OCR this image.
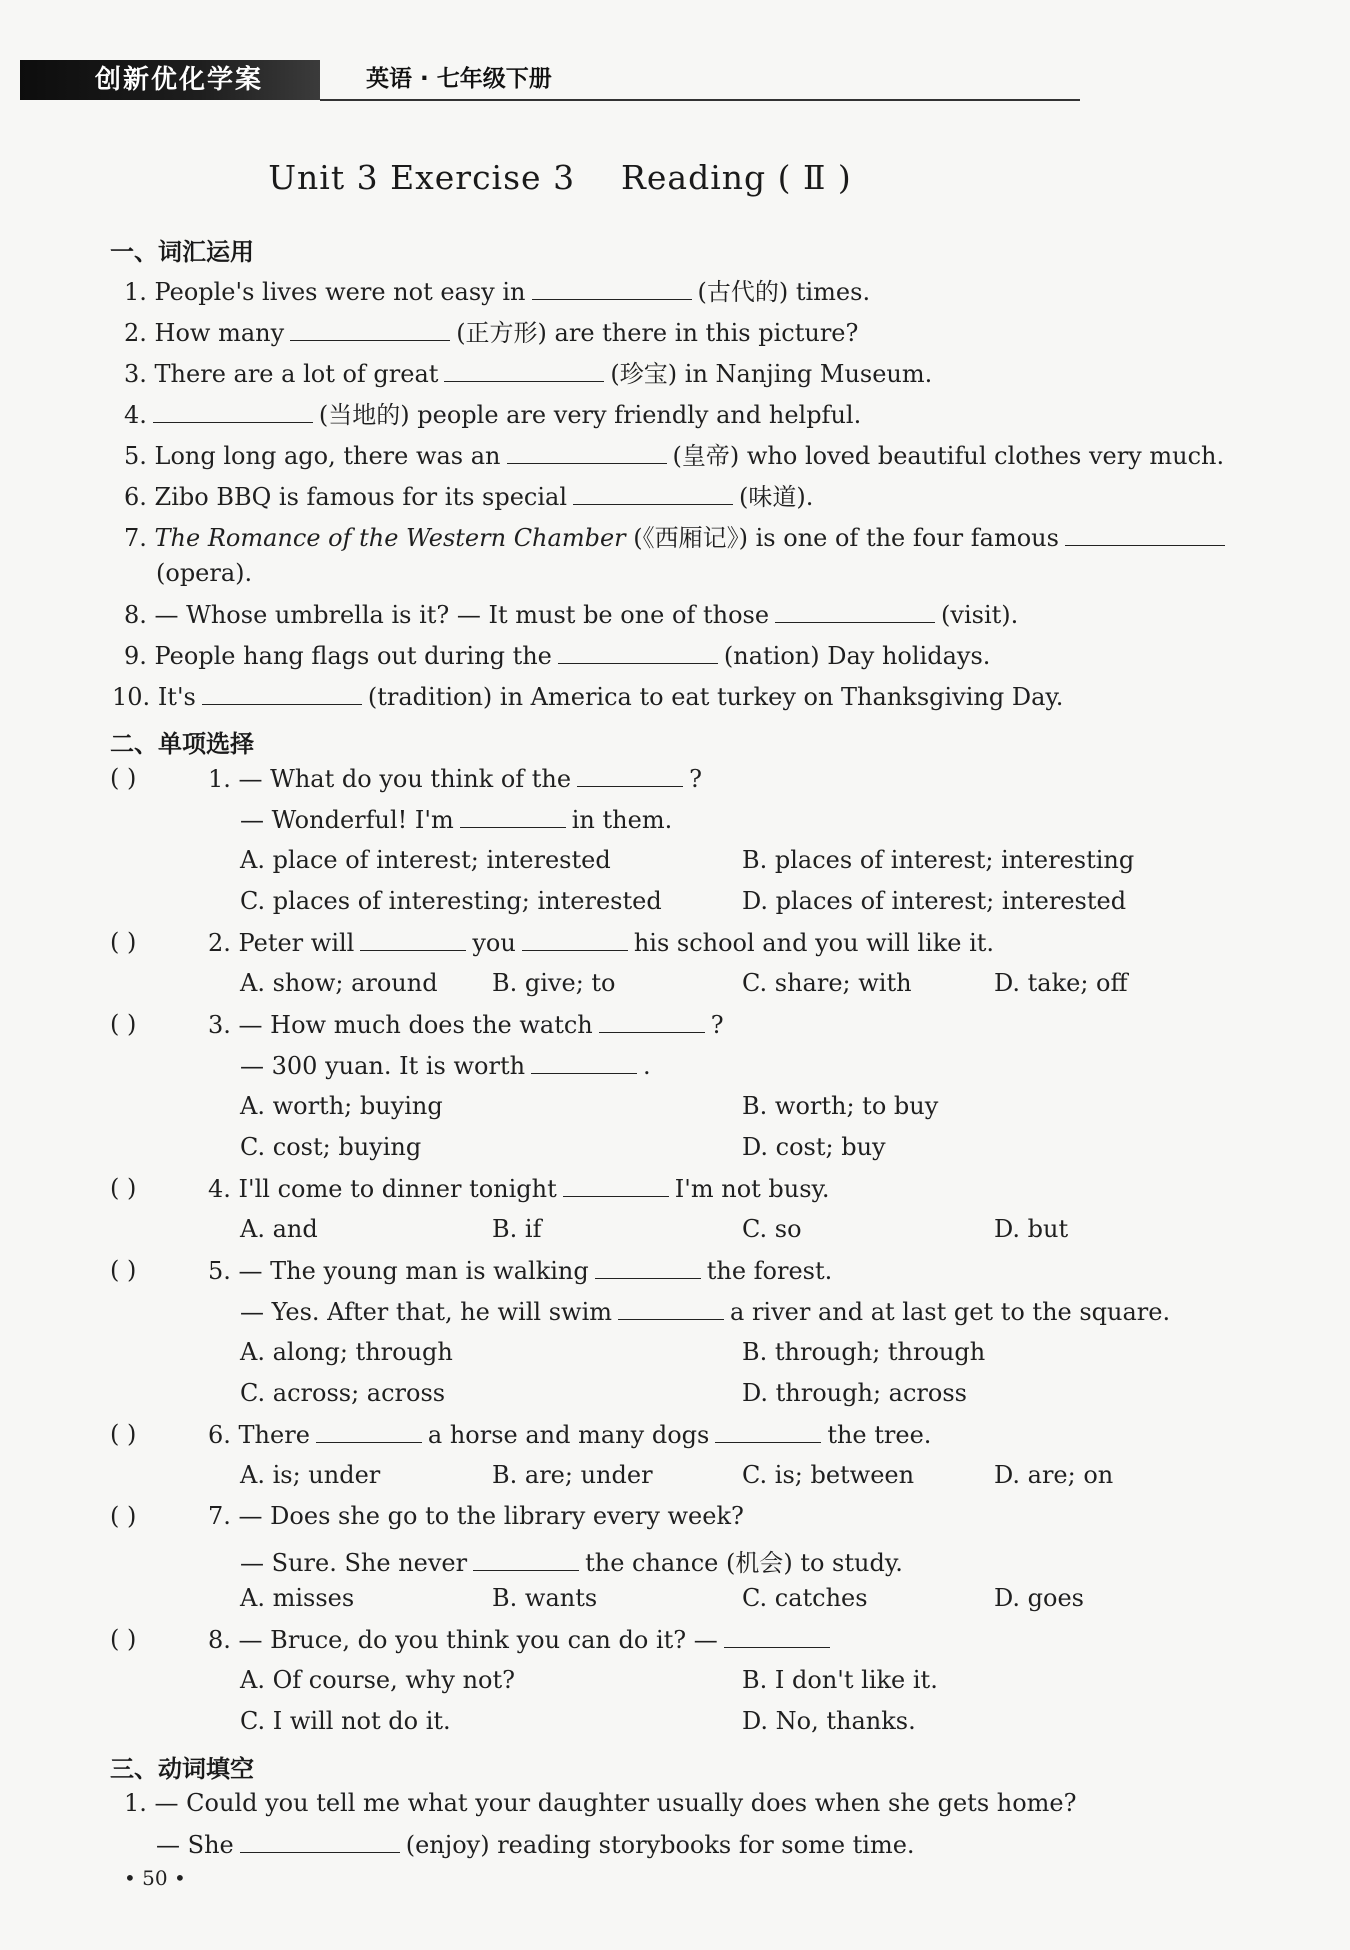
创新优化学案	英语 · 七年级下册
Unit 3 Exercise 3    Reading ( Ⅱ )
一、词汇运用
1. People's lives were not easy in	(古代的) times.
2. How many	(正方形) are there in this picture?
3. There are a lot of great	(珍宝) in Nanjing Museum.
4.	(当地的) people are very friendly and helpful.
5. Long long ago, there was an	(皇帝) who loved beautiful clothes very much.
6. Zibo BBQ is famous for its special	(味道).
7. The Romance of the Western Chamber (《西厢记》) is one of the four famous
(opera).
8. — Whose umbrella is it? — It must be one of those	(visit).
9. People hang flags out during the	(nation) Day holidays.
10. It's	(tradition) in America to eat turkey on Thanksgiving Day.
二、单项选择
( )	1. — What do you think of the	?
— Wonderful! I'm	in them.
A. place of interest; interested	B. places of interest; interesting
C. places of interesting; interested	D. places of interest; interested
( )	2. Peter will	you	his school and you will like it.
A. show; around B. give; to	C. share; with	D. take; off
( )	3. — How much does the watch	?
— 300 yuan. It is worth	.
A. worth; buying	B. worth; to buy
C. cost; buying	D. cost; buy
( )	4. I'll come to dinner tonight	I'm not busy.
A. and	B. if	C. so	D. but
( )	5. — The young man is walking	the forest.
— Yes. After that, he will swim	a river and at last get to the square.
A. along; through	B. through; through
C. across; across	D. through; across
( )	6. There	a horse and many dogs	the tree.
A. is; under	B. are; under	C. is; between	D. are; on
( )	7. — Does she go to the library every week?
— Sure. She never	the chance (机会) to study.
A. misses	B. wants	C. catches	D. goes
( )	8. — Bruce, do you think you can do it? —
A. Of course, why not?	B. I don't like it.
C. I will not do it.	D. No, thanks.
三、动词填空
1. — Could you tell me what your daughter usually does when she gets home?
— She	(enjoy) reading storybooks for some time.
• 50 •
